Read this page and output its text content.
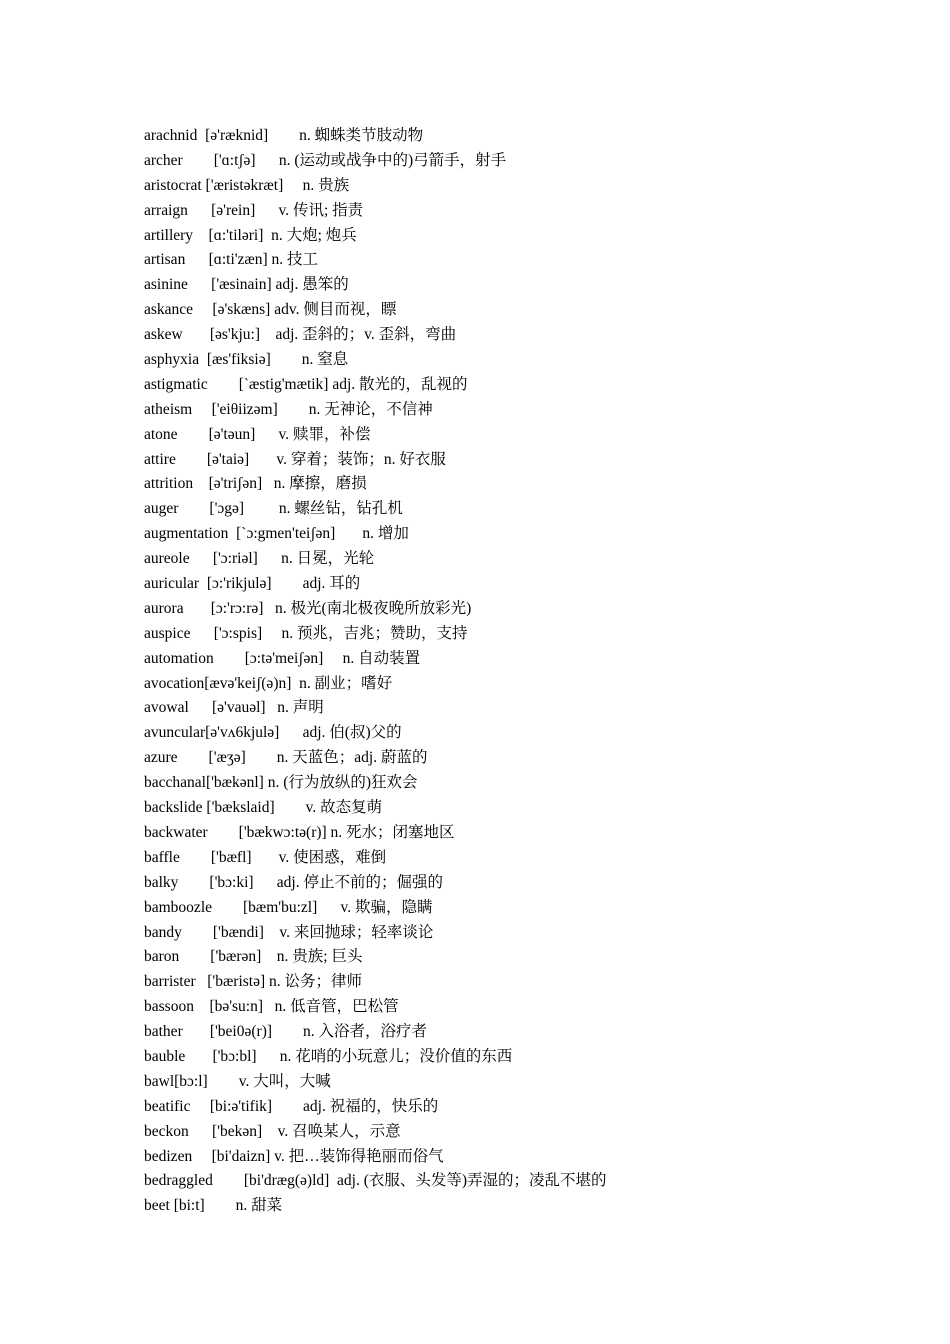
arachnid  [ə'ræknid]        n. 蜘蛛类节肢动物
archer        ['ɑ:tʃə]      n. (运动或战争中的)弓箭手，射手
aristocrat ['æristəkræt]     n. 贵族
arraign      [ə'rein]      v. 传讯; 指责
artillery    [ɑ:'tiləri]  n. 大炮; 炮兵
artisan      [ɑ:ti'zæn] n. 技工
asinine      ['æsinain] adj. 愚笨的
askance     [ə'skæns] adv. 侧目而视，瞟
askew       [əs'kju:]    adj. 歪斜的；v. 歪斜，弯曲
asphyxia  [æs'fiksiə]        n. 窒息
astigmatic        [`æstig'mætik] adj. 散光的，乱视的
atheism     ['eiθiizəm]        n. 无神论，不信神
atone        [ə'təun]      v. 赎罪，补偿
attire        [ə'taiə]       v. 穿着；装饰；n. 好衣服
attrition    [ə'triʃən]   n. 摩擦，磨损
auger        ['ɔgə]         n. 螺丝钻，钻孔机
augmentation  [`ɔ:gmen'teiʃən]       n. 增加
aureole      ['ɔ:riəl]      n. 日冕，光轮
auricular  [ɔ:'rikjulə]        adj. 耳的
aurora       [ɔ:'rɔ:rə]   n. 极光(南北极夜晚所放彩光)
auspice      ['ɔ:spis]     n. 预兆，吉兆；赞助，支持
automation        [ɔ:tə'meiʃən]     n. 自动装置
avocation[ævə'keiʃ(ə)n]  n. 副业；嗜好
avowal      [ə'vauəl]   n. 声明
avuncular[ə'vʌ6kjulə]      adj. 伯(叔)父的
azure        ['æʒə]        n. 天蓝色；adj. 蔚蓝的
bacchanal['bækənl] n. (行为放纵的)狂欢会
backslide ['bækslaid]        v. 故态复萌
backwater        ['bækwɔ:tə(r)] n. 死水；闭塞地区
baffle        ['bæfl]       v. 使困惑，难倒
balky        ['bɔ:ki]      adj. 停止不前的；倔强的
bamboozle        [bæm'bu:zl]      v. 欺骗，隐瞒
bandy        ['bændi]    v. 来回抛球；轻率谈论
baron        ['bærən]    n. 贵族; 巨头
barrister   ['bæristə] n. 讼务；律师
bassoon    [bə'su:n]   n. 低音管，巴松管
bather       ['bei0ə(r)]        n. 入浴者，浴疗者
bauble       ['bɔ:bl]      n. 花哨的小玩意儿；没价值的东西
bawl[bɔ:l]        v. 大叫，大喊
beatific     [bi:ə'tifik]        adj. 祝福的，快乐的
beckon      ['bekən]    v. 召唤某人，示意
bedizen     [bi'daizn] v. 把…装饰得艳丽而俗气
bedraggled        [bi'dræg(ə)ld]  adj. (衣服、头发等)弄湿的；凌乱不堪的
beet [bi:t]        n. 甜菜
